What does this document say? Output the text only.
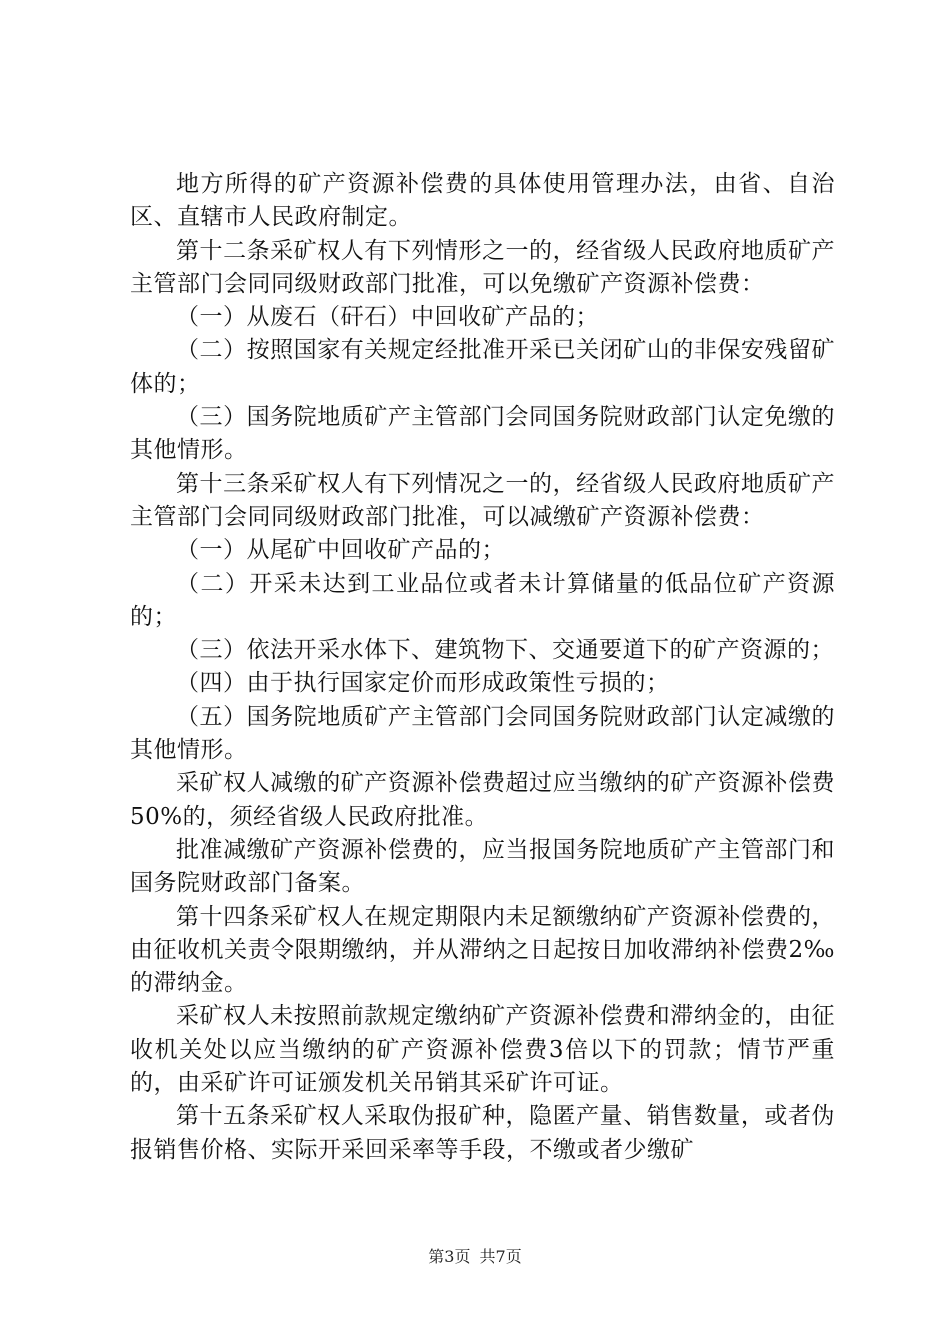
地方所得的矿产资源补偿费的具体使用管理办法，由省、自治区、直辖市人民政府制定。

第十二条采矿权人有下列情形之一的，经省级人民政府地质矿产主管部门会同同级财政部门批准，可以免缴矿产资源补偿费：

（一）从废石（矸石）中回收矿产品的；

（二）按照国家有关规定经批准开采已关闭矿山的非保安残留矿体的；

（三）国务院地质矿产主管部门会同国务院财政部门认定免缴的其他情形。

第十三条采矿权人有下列情况之一的，经省级人民政府地质矿产主管部门会同同级财政部门批准，可以减缴矿产资源补偿费：

（一）从尾矿中回收矿产品的；

（二）开采未达到工业品位或者未计算储量的低品位矿产资源的；

（三）依法开采水体下、建筑物下、交通要道下的矿产资源的；

（四）由于执行国家定价而形成政策性亏损的；

（五）国务院地质矿产主管部门会同国务院财政部门认定减缴的其他情形。

采矿权人减缴的矿产资源补偿费超过应当缴纳的矿产资源补偿费50%的，须经省级人民政府批准。

批准减缴矿产资源补偿费的，应当报国务院地质矿产主管部门和国务院财政部门备案。

第十四条采矿权人在规定期限内未足额缴纳矿产资源补偿费的，由征收机关责令限期缴纳，并从滞纳之日起按日加收滞纳补偿费2‰的滞纳金。

采矿权人未按照前款规定缴纳矿产资源补偿费和滞纳金的，由征收机关处以应当缴纳的矿产资源补偿费3倍以下的罚款；情节严重的，由采矿许可证颁发机关吊销其采矿许可证。

第十五条采矿权人采取伪报矿种，隐匿产量、销售数量，或者伪报销售价格、实际开采回采率等手段，不缴或者少缴矿

第3页 共7页
